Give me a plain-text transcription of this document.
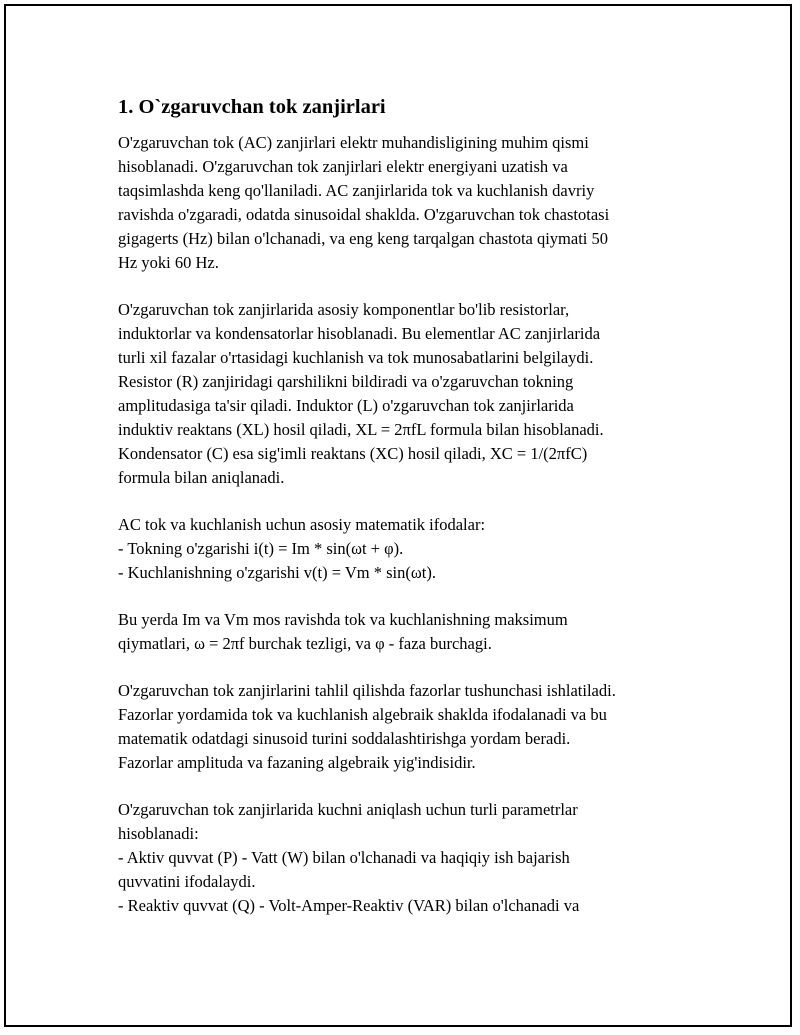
1. O`zgaruvchan tok zanjirlari

O'zgaruvchan tok (AC) zanjirlari elektr muhandisligining muhim qismi
hisoblanadi. O'zgaruvchan tok zanjirlari elektr energiyani uzatish va
taqsimlashda keng qo'llaniladi. AC zanjirlarida tok va kuchlanish davriy
ravishda o'zgaradi, odatda sinusoidal shaklda. O'zgaruvchan tok chastotasi
gigagerts (Hz) bilan o'lchanadi, va eng keng tarqalgan chastota qiymati 50
Hz yoki 60 Hz.

O'zgaruvchan tok zanjirlarida asosiy komponentlar bo'lib resistorlar,
induktorlar va kondensatorlar hisoblanadi. Bu elementlar AC zanjirlarida
turli xil fazalar o'rtasidagi kuchlanish va tok munosabatlarini belgilaydi.
Resistor (R) zanjiridagi qarshilikni bildiradi va o'zgaruvchan tokning
amplitudasiga ta'sir qiladi. Induktor (L) o'zgaruvchan tok zanjirlarida
induktiv reaktans (XL) hosil qiladi, XL = 2πfL formula bilan hisoblanadi.
Kondensator (C) esa sig'imli reaktans (XC) hosil qiladi, XC = 1/(2πfC)
formula bilan aniqlanadi.

AC tok va kuchlanish uchun asosiy matematik ifodalar:
- Tokning o'zgarishi i(t) = Im * sin(ωt + φ).
- Kuchlanishning o'zgarishi v(t) = Vm * sin(ωt).

Bu yerda Im va Vm mos ravishda tok va kuchlanishning maksimum
qiymatlari, ω = 2πf burchak tezligi, va φ - faza burchagi.

O'zgaruvchan tok zanjirlarini tahlil qilishda fazorlar tushunchasi ishlatiladi.
Fazorlar yordamida tok va kuchlanish algebraik shaklda ifodalanadi va bu
matematik odatdagi sinusoid turini soddalashtirishga yordam beradi.
Fazorlar amplituda va fazaning algebraik yig'indisidir.

O'zgaruvchan tok zanjirlarida kuchni aniqlash uchun turli parametrlar
hisoblanadi:
- Aktiv quvvat (P) - Vatt (W) bilan o'lchanadi va haqiqiy ish bajarish
quvvatini ifodalaydi.
- Reaktiv quvvat (Q) - Volt-Amper-Reaktiv (VAR) bilan o'lchanadi va
